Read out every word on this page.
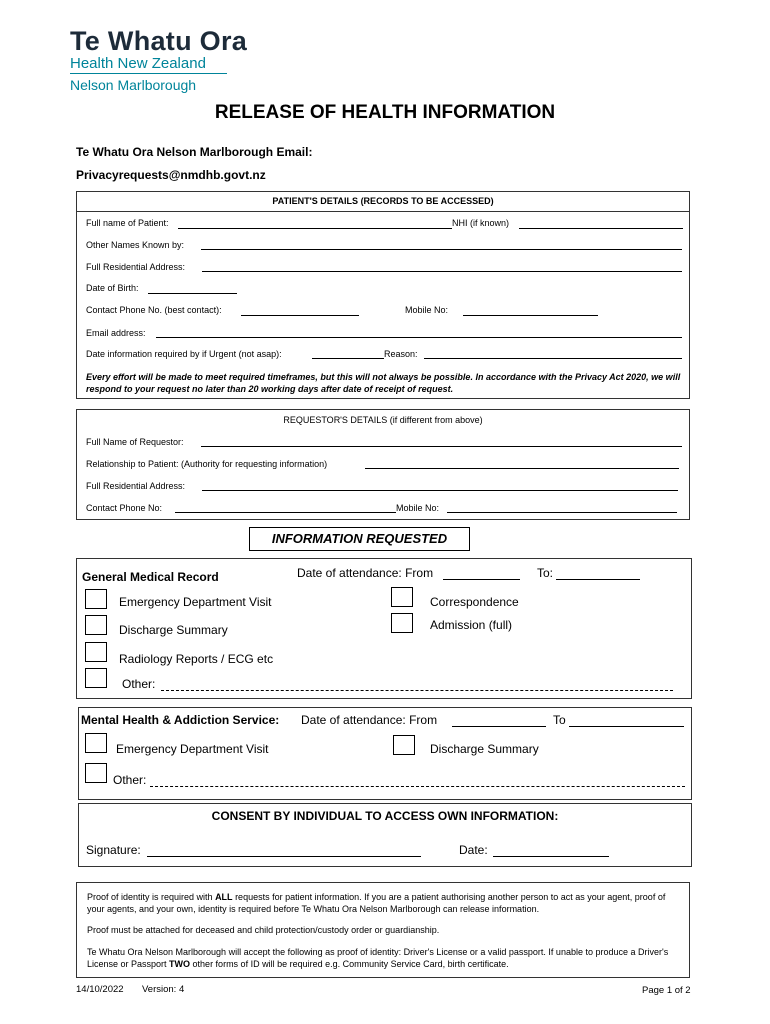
Te Whatu Ora
Health New Zealand
Nelson Marlborough
RELEASE OF HEALTH INFORMATION
Te Whatu Ora Nelson Marlborough Email:
Privacyrequests@nmdhb.govt.nz
PATIENT'S DETAILS (RECORDS TO BE ACCESSED)
Full name of Patient:	NHI (if known)
Other Names Known by:
Full Residential Address:
Date of Birth:
Contact Phone No. (best contact):	Mobile No:
Email address:
Date information required by if Urgent (not asap):	Reason:
Every effort will be made to meet required timeframes, but this will not always be possible. In accordance with the Privacy Act 2020, we will respond to your request no later than 20 working days after date of receipt of request.
REQUESTOR'S DETAILS (if different from above)
Full Name of Requestor:
Relationship to Patient: (Authority for requesting information)
Full Residential Address:
Contact Phone No:	Mobile No:
INFORMATION REQUESTED
General Medical Record	Date of attendance: From	To:
Emergency Department Visit	Correspondence
Discharge Summary	Admission (full)
Radiology Reports / ECG etc
Other:
Mental Health & Addiction Service: Date of attendance: From	To
Emergency Department Visit	Discharge Summary
Other:
CONSENT BY INDIVIDUAL TO ACCESS OWN INFORMATION:
Signature:	Date:
Proof of identity is required with ALL requests for patient information. If you are a patient authorising another person to act as your agent, proof of your agents, and your own, identity is required before Te Whatu Ora Nelson Marlborough can release information.
Proof must be attached for deceased and child protection/custody order or guardianship.
Te Whatu Ora Nelson Marlborough will accept the following as proof of identity: Driver's License or a valid passport. If unable to produce a Driver's License or Passport TWO other forms of ID will be required e.g. Community Service Card, birth certificate.
14/10/2022 Version: 4	Page 1 of 2
